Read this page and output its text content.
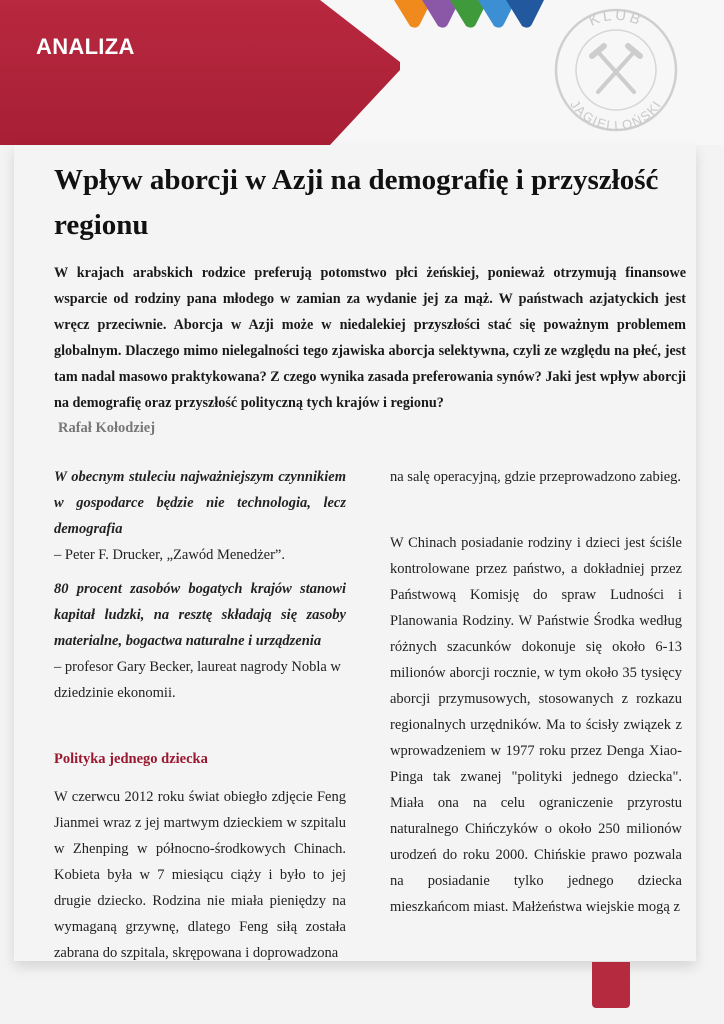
ANALIZA
KLUB
JAGIELLOŃSKI
Wpływ aborcji w Azji na demografię i przyszłość regionu

W krajach arabskich rodzice preferują potomstwo płci żeńskiej, ponieważ otrzymują finansowe wsparcie od rodziny pana młodego w zamian za wydanie jej za mąż. W państwach azjatyckich jest wręcz przeciwnie. Aborcja w Azji może w niedalekiej przyszłości stać się poważnym problemem globalnym. Dlaczego mimo nielegalności tego zjawiska aborcja selektywna, czyli ze względu na płeć, jest tam nadal masowo praktykowana? Z czego wynika zasada preferowania synów? Jaki jest wpływ aborcji na demografię oraz przyszłość polityczną tych krajów i regionu?

Rafał Kołodziej

W obecnym stuleciu najważniejszym czynnikiem w gospodarce będzie nie technologia, lecz demografia

– Peter F. Drucker, „Zawód Menedżer”.

80 procent zasobów bogatych krajów stanowi kapitał ludzki, na resztę składają się zasoby materialne, bogactwa naturalne i urządzenia

– profesor Gary Becker, laureat nagrody Nobla w dziedzinie ekonomii.

Polityka jednego dziecka

W czerwcu 2012 roku świat obiegło zdjęcie Feng Jianmei wraz z jej martwym dzieckiem w szpitalu w Zhenping w północno-środkowych Chinach. Kobieta była w 7 miesiącu ciąży i było to jej drugie dziecko. Rodzina nie miała pieniędzy na wymaganą grzywnę, dlatego Feng siłą została zabrana do szpitala, skrępowana i doprowadzona

na salę operacyjną, gdzie przeprowadzono zabieg.

W Chinach posiadanie rodziny i dzieci jest ściśle kontrolowane przez państwo, a dokładniej przez Państwową Komisję do spraw Ludności i Planowania Rodziny. W Państwie Środka według różnych szacunków dokonuje się około 6-13 milionów aborcji rocznie, w tym około 35 tysięcy aborcji przymusowych, stosowanych z rozkazu regionalnych urzędników. Ma to ścisły związek z wprowadzeniem w 1977 roku przez Denga Xiao-Pinga tak zwanej "polityki jednego dziecka". Miała ona na celu ograniczenie przyrostu naturalnego Chińczyków o około 250 milionów urodzeń do roku 2000. Chińskie prawo pozwala na posiadanie tylko jednego dziecka mieszkańcom miast. Małżeństwa wiejskie mogą z
